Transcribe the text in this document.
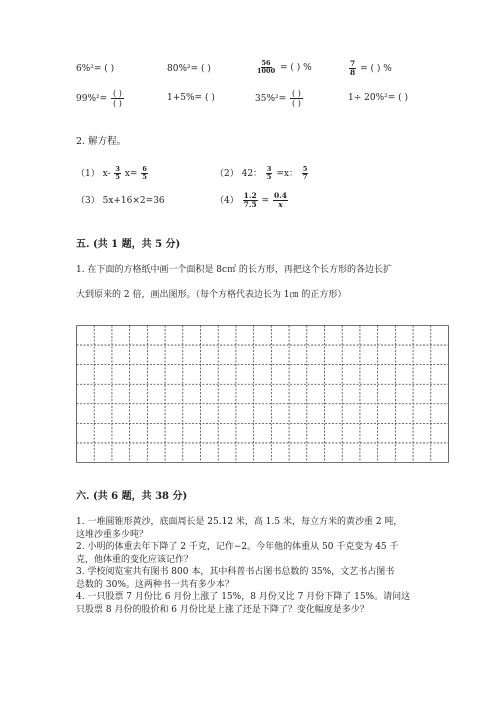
6%²= ( )	80%²= ( )	$\frac{56}{1000}$ = ( ) %	$\frac{7}{8}$ = ( ) %
$99\%^2= \frac{( )}{( )}$	1+5%= ( )	$35\%^2= \frac{( )}{( )}$	1÷ 20%²= ( )
2. 解方程。
（1） $x- \frac{3}{5} x= \frac{6}{5}$	（2） 42： $\frac{3}{5} =x$： $\frac{5}{7}$
（3） 5x+16×2=36	$(4) \frac{1.2}{7.5} = \frac{0.4}{x}$
五. (共 1 题，共 5 分)
1. 在下面的方格纸中画一个面积是 8c㎡ 的长方形，再把这个长方形的各边长扩
大到原来的 2 倍，画出图形。（每个方格代表边长为 1㎝ 的正方形）
六. (共 6 题，共 38 分)
1. 一堆圆锥形黄沙，底面周长是 25.12 米，高 1.5 米，每立方米的黄沙重 2 吨，
这堆沙重多少吨？
2. 小明的体重去年下降了 2 千克，记作−2。今年他的体重从 50 千克变为 45 千
克，他体重的变化应该记作？
3. 学校阅览室共有图书 800 本，其中科普书占图书总数的 35%，文艺书占图书
总数的 30%。这两种书一共有多少本？
4. 一只股票 7 月份比 6 月份上涨了 15%，8 月份又比 7 月份下降了 15%。请问这
只股票 8 月份的股价和 6 月份比是上涨了还是下降了？变化幅度是多少？
